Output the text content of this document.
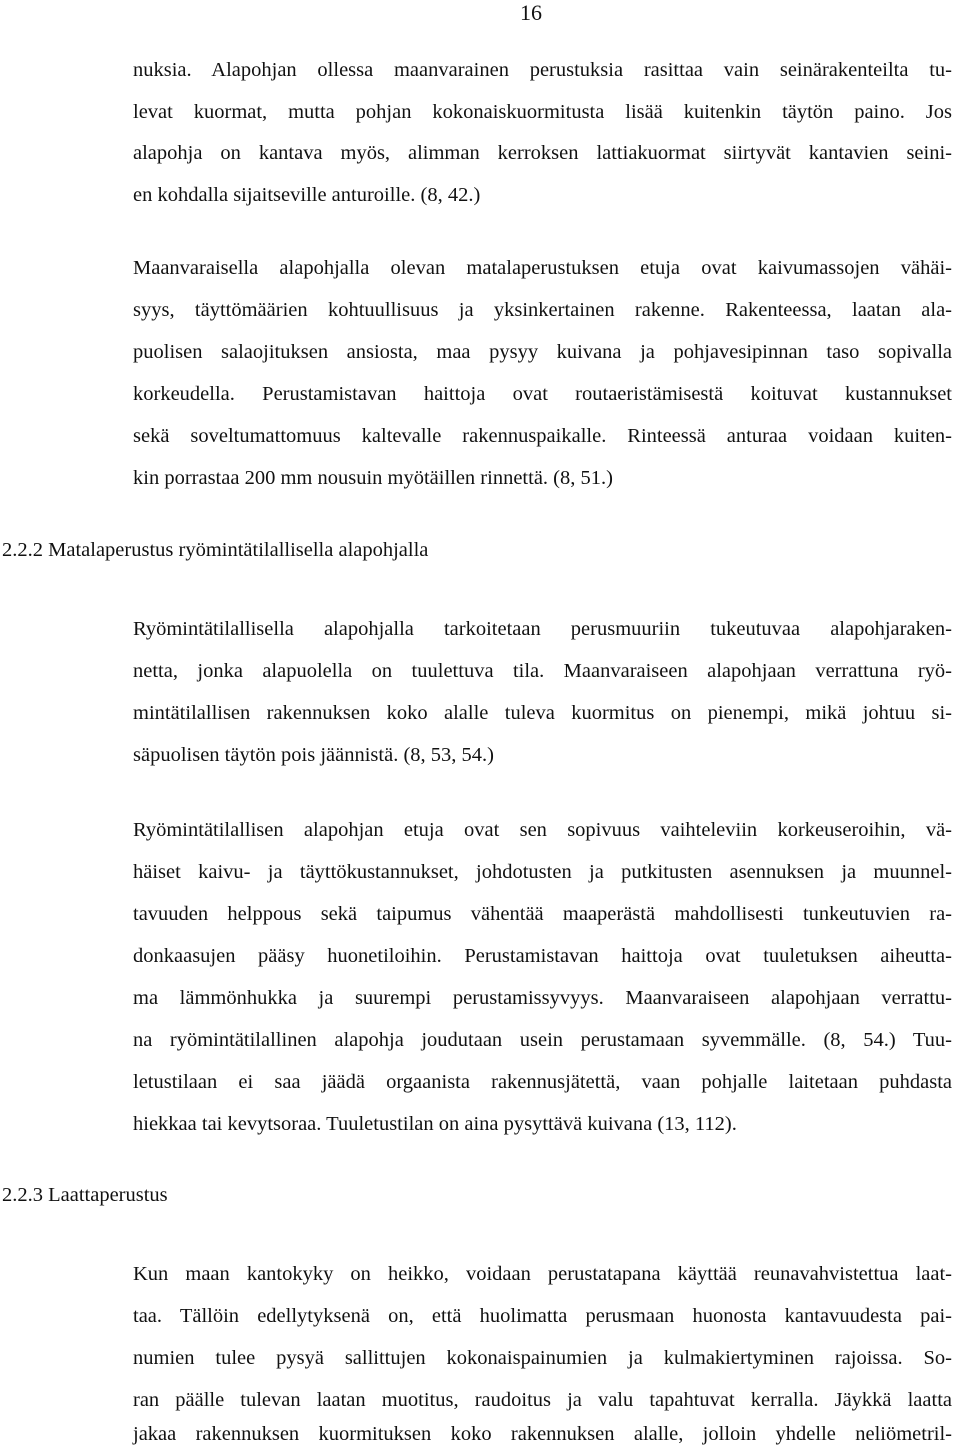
16
nuksia. Alapohjan ollessa maanvarainen perustuksia rasittaa vain seinärakenteilta tu-
levat kuormat, mutta pohjan kokonaiskuormitusta lisää kuitenkin täytön paino. Jos
alapohja on kantava myös, alimman kerroksen lattiakuormat siirtyvät kantavien seini-
en kohdalla sijaitseville anturoille. (8, 42.)
Maanvaraisella alapohjalla olevan matalaperustuksen etuja ovat kaivumassojen vähäi-
syys, täyttömäärien kohtuullisuus ja yksinkertainen rakenne. Rakenteessa, laatan ala-
puolisen salaojituksen ansiosta, maa pysyy kuivana ja pohjavesipinnan taso sopivalla
korkeudella. Perustamistavan haittoja ovat routaeristämisestä koituvat kustannukset
sekä soveltumattomuus kaltevalle rakennuspaikalle. Rinteessä anturaa voidaan kuiten-
kin porrastaa 200 mm nousuin myötäillen rinnettä. (8, 51.)
2.2.2 Matalaperustus ryömintätilallisella alapohjalla
Ryömintätilallisella alapohjalla tarkoitetaan perusmuuriin tukeutuvaa alapohjaraken-
netta, jonka alapuolella on tuulettuva tila. Maanvaraiseen alapohjaan verrattuna ryö-
mintätilallisen rakennuksen koko alalle tuleva kuormitus on pienempi, mikä johtuu si-
säpuolisen täytön pois jäännistä. (8, 53, 54.)
Ryömintätilallisen alapohjan etuja ovat sen sopivuus vaihteleviin korkeuseroihin, vä-
häiset kaivu- ja täyttökustannukset, johdotusten ja putkitusten asennuksen ja muunnel-
tavuuden helppous sekä taipumus vähentää maaperästä mahdollisesti tunkeutuvien ra-
donkaasujen pääsy huonetiloihin. Perustamistavan haittoja ovat tuuletuksen aiheutta-
ma lämmönhukka ja suurempi perustamissyvyys. Maanvaraiseen alapohjaan verrattu-
na ryömintätilallinen alapohja joudutaan usein perustamaan syvemmälle. (8, 54.) Tuu-
letustilaan ei saa jäädä orgaanista rakennusjätettä, vaan pohjalle laitetaan puhdasta
hiekkaa tai kevytsoraa. Tuuletustilan on aina pysyttävä kuivana (13, 112).
2.2.3 Laattaperustus
Kun maan kantokyky on heikko, voidaan perustatapana käyttää reunavahvistettua laat-
taa. Tällöin edellytyksenä on, että huolimatta perusmaan huonosta kantavuudesta pai-
numien tulee pysyä sallittujen kokonaispainumien ja kulmakiertyminen rajoissa. So-
ran päälle tulevan laatan muotitus, raudoitus ja valu tapahtuvat kerralla. Jäykkä laatta
jakaa rakennuksen kuormituksen koko rakennuksen alalle, jolloin yhdelle neliömetril-
